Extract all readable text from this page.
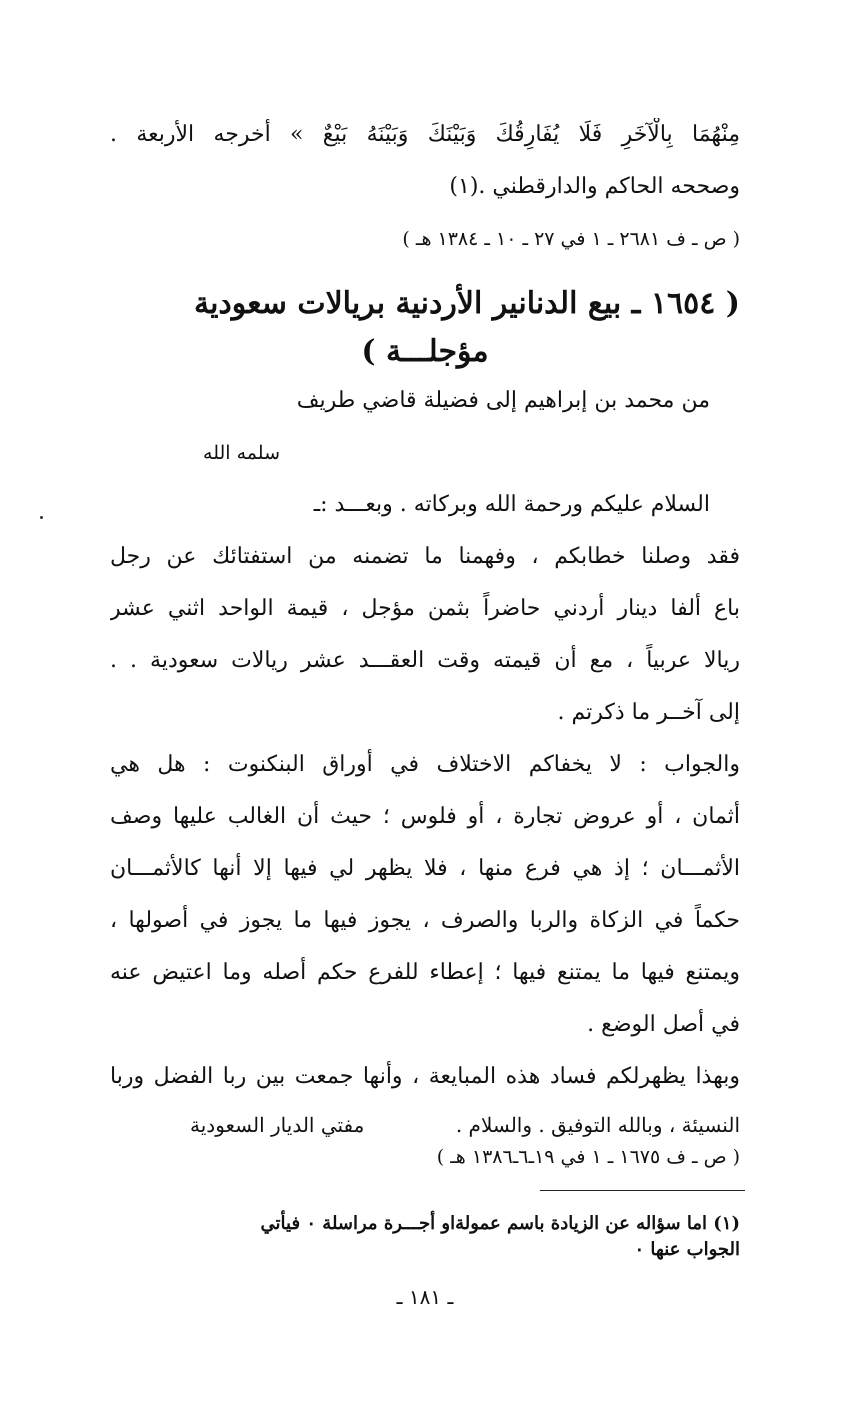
مِنْهُمَا بِالْآخَرِ فَلَا يُفَارِقُكَ وَبَيْنَكَ وَبَيْنَهُ بَيْعٌ » أخرجه الأربعة .
وصححه الحاكم والدارقطني .(١)
( ص ـ ف ٢٦٨١ ـ ١ في ٢٧ ـ ١٠ ـ ١٣٨٤ هـ )
( ١٦٥٤ ـ بيع الدنانير الأردنية بريالات سعودية
مؤجلـــة )
من محمد بن إبراهيم إلى فضيلة قاضي طريف
سلمه الله
السلام عليكم ورحمة الله وبركاته . وبعـــد :ـ
فقد وصلنا خطابكم ، وفهمنا ما تضمنه من استفتائك عن رجل
باع ألفا دينار أردني حاضراً بثمن مؤجل ، قيمة الواحد اثني عشر
ريالا عربياً ، مع أن قيمته وقت العقـــد عشر ريالات سعودية . .
إلى آخــر ما ذكرتم .
والجواب : لا يخفاكم الاختلاف في أوراق البنكنوت : هل هي
أثمان ، أو عروض تجارة ، أو فلوس ؛ حيث أن الغالب عليها وصف
الأثمـــان ؛ إذ هي فرع منها ، فلا يظهر لي فيها إلا أنها كالأثمـــان
حكماً في الزكاة والربا والصرف ، يجوز فيها ما يجوز في أصولها ،
ويمتنع فيها ما يمتنع فيها ؛ إعطاء للفرع حكم أصله وما اعتيض عنه
في أصل الوضع .
وبهذا يظهرلكم فساد هذه المبايعة ، وأنها جمعت بين ربا الفضل وربا
النسيئة ، وبالله التوفيق . والسلام .
مفتي الديار السعودية
( ص ـ ف ١٦٧٥ ـ ١ في ١٩ـ٦ـ١٣٨٦ هـ )
(١) اما سؤاله عن الزيادة باسم عمولةاو أجـــرة مراسلة ٠ فيأتي
الجواب عنها ٠
ـ ١٨١ ـ
